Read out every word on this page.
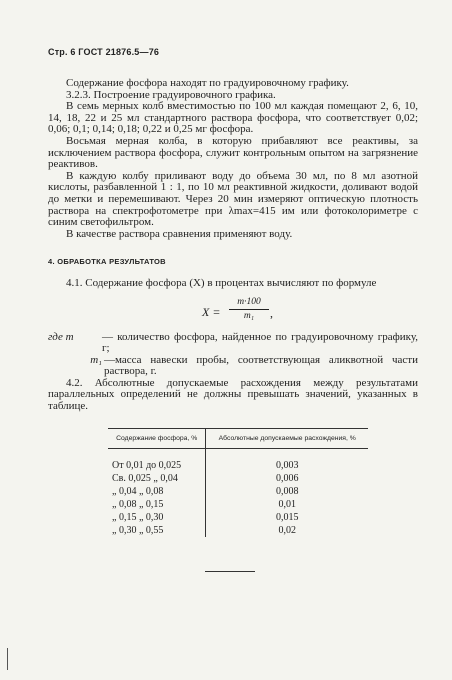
Стр. 6 ГОСТ 21876.5—76

Содержание фосфора находят по градуировочному графику.

3.2.3. Построение градуировочного графика.

В семь мерных колб вместимостью по 100 мл каждая помещают 2, 6, 10, 14, 18, 22 и 25 мл стандартного раствора фосфора, что соответствует 0,02; 0,06; 0,1; 0,14; 0,18; 0,22 и 0,25 мг фосфора.

Восьмая мерная колба, в которую прибавляют все реактивы, за исключением раствора фосфора, служит контрольным опытом на загрязнение реактивов.

В каждую колбу приливают воду до объема 30 мл, по 8 мл азотной кислоты, разбавленной 1 : 1, по 10 мл реактивной жидкости, доливают водой до метки и перемешивают. Через 20 мин измеряют оптическую плотность раствора на спектрофотометре при λmax=415 им или фотоколориметре с синим светофильтром.

В качестве раствора сравнения применяют воду.

4. ОБРАБОТКА РЕЗУЛЬТАТОВ

4.1. Содержание фосфора (X) в процентах вычисляют по формуле

$X = \frac{m\cdot 100}{\text{m₁}}$ ,
где m	— количество фосфора, найденное по градуировочному графику, г;
m₁ —масса навески пробы, соответствующая аликвотной части раствора, г.

4.2. Абсолютные допускаемые расхождения между результатами параллельных определений не должны превышать значений, указанных в таблице.

Содержание фосфора, %	Абсолютные допускаемые расхождения, %

От 0,01 до 0,025	0,003
Св. 0,025 „ 0,04	0,006
„ 0,04 „ 0,08	0,008
„ 0,08 „ 0,15	0,01
„ 0,15 „ 0,30	0,015
„ 0,30 „ 0,55	0,02
